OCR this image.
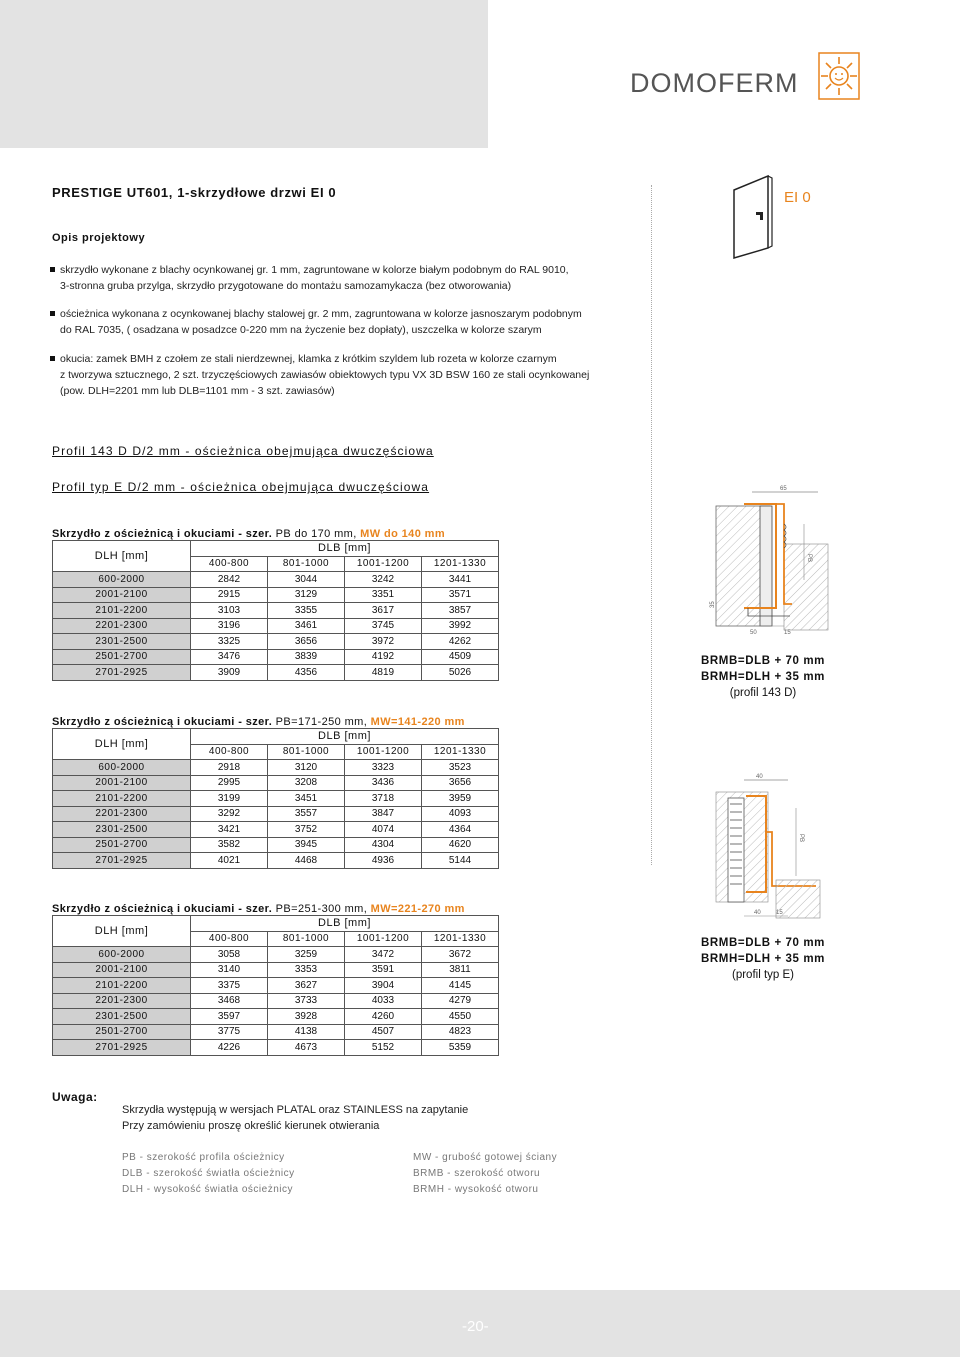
DOMOFERM
PRESTIGE UT601, 1-skrzydłowe drzwi EI 0	EI 0
Opis projektowy
skrzydło wykonane z blachy ocynkowanej gr. 1 mm, zagruntowane w kolorze białym podobnym do RAL 9010,
3-stronna gruba przylga, skrzydło przygotowane do montażu samozamykacza (bez otworowania)
ościeżnica wykonana z ocynkowanej blachy stalowej gr. 2 mm, zagruntowana w kolorze jasnoszarym podobnym
do RAL 7035, ( osadzana w posadzce 0-220 mm na życzenie bez dopłaty), uszczelka w kolorze szarym
okucia: zamek BMH z czołem ze stali nierdzewnej, klamka z krótkim szyldem lub rozeta w kolorze czarnym
z tworzywa sztucznego, 2 szt. trzyczęściowych zawiasów obiektowych typu VX 3D BSW 160 ze stali ocynkowanej
(pow. DLH=2201 mm lub DLB=1101 mm - 3 szt. zawiasów)
Profil 143 D D/2 mm - ościeżnica obejmująca dwuczęściowa
Profil typ E D/2 mm - ościeżnica obejmująca dwuczęściowa
Skrzydło z ościeżnicą i okuciami - szer. PB do 170 mm, MW do 140 mm
DLH [mm]	DLB [mm]			
	400-800	801-1000	1001-1200	1201-1330
600-2000	2842	3044	3242	3441
2001-2100	2915	3129	3351	3571
2101-2200	3103	3355	3617	3857
2201-2300	3196	3461	3745	3992
2301-2500	3325	3656	3972	4262
2501-2700	3476	3839	4192	4509
2701-2925	3909	4356	4819	5026
Skrzydło z ościeżnicą i okuciami - szer. PB=171-250 mm, MW=141-220 mm
DLH [mm]	DLB [mm]			
	400-800	801-1000	1001-1200	1201-1330
600-2000	2918	3120	3323	3523
2001-2100	2995	3208	3436	3656
2101-2200	3199	3451	3718	3959
2201-2300	3292	3557	3847	4093
2301-2500	3421	3752	4074	4364
2501-2700	3582	3945	4304	4620
2701-2925	4021	4468	4936	5144
Skrzydło z ościeżnicą i okuciami - szer. PB=251-300 mm, MW=221-270 mm
DLH [mm]	DLB [mm]			
	400-800	801-1000	1001-1200	1201-1330
600-2000	3058	3259	3472	3672
2001-2100	3140	3353	3591	3811
2101-2200	3375	3627	3904	4145
2201-2300	3468	3733	4033	4279
2301-2500	3597	3928	4260	4550
2501-2700	3775	4138	4507	4823
2701-2925	4226	4673	5152	5359
65
PB
35
50	15
BRMB=DLB + 70 mm
BRMH=DLH + 35 mm
(profil 143 D)
40
PB
40	15
BRMB=DLB + 70 mm
BRMH=DLH + 35 mm
(profil typ E)
Uwaga:
Skrzydła występują w wersjach PLATAL oraz STAINLESS na zapytanie
Przy zamówieniu proszę określić kierunek otwierania
PB - szerokość profila ościeżnicy
DLB - szerokość światła ościeżnicy
DLH - wysokość światła ościeżnicy
MW - grubość gotowej ściany
BRMB - szerokość otworu
BRMH - wysokość otworu
-20-
